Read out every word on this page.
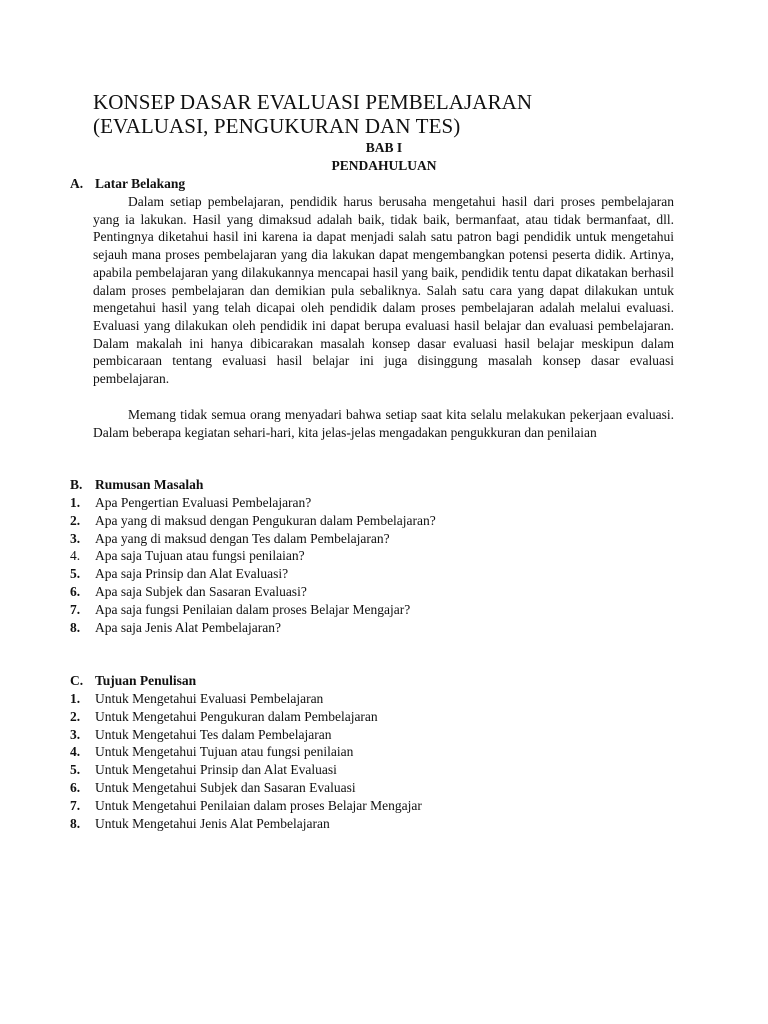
KONSEP DASAR EVALUASI PEMBELAJARAN
(EVALUASI, PENGUKURAN DAN TES)

BAB I

PENDAHULUAN

A. Latar Belakang

Dalam setiap pembelajaran, pendidik harus berusaha mengetahui hasil dari proses pembelajaran yang ia lakukan. Hasil yang dimaksud adalah baik, tidak baik, bermanfaat, atau tidak bermanfaat, dll. Pentingnya diketahui hasil ini karena ia dapat menjadi salah satu patron bagi pendidik untuk mengetahui sejauh mana proses pembelajaran yang dia lakukan dapat mengembangkan potensi peserta didik. Artinya, apabila pembelajaran yang dilakukannya mencapai hasil yang baik, pendidik tentu dapat dikatakan berhasil dalam proses pembelajaran dan demikian pula sebaliknya. Salah satu cara yang dapat dilakukan untuk mengetahui hasil yang telah dicapai oleh pendidik dalam proses pembelajaran adalah melalui evaluasi. Evaluasi yang dilakukan oleh pendidik ini dapat berupa evaluasi hasil belajar dan evaluasi pembelajaran. Dalam makalah ini hanya dibicarakan masalah konsep dasar evaluasi hasil belajar meskipun dalam pembicaraan tentang evaluasi hasil belajar ini juga disinggung masalah konsep dasar evaluasi pembelajaran.

Memang tidak semua orang menyadari bahwa setiap saat kita selalu melakukan pekerjaan evaluasi. Dalam beberapa kegiatan sehari-hari, kita jelas-jelas mengadakan pengukkuran dan penilaian

B. Rumusan Masalah

1. Apa Pengertian Evaluasi Pembelajaran?
2. Apa yang di maksud dengan Pengukuran dalam Pembelajaran?
3. Apa yang di maksud dengan Tes dalam Pembelajaran?
4. Apa saja Tujuan atau fungsi penilaian?
5. Apa saja Prinsip dan Alat Evaluasi?
6. Apa saja Subjek dan Sasaran Evaluasi?
7. Apa saja fungsi Penilaian dalam proses Belajar Mengajar?
8. Apa saja Jenis Alat Pembelajaran?

C. Tujuan Penulisan

1. Untuk Mengetahui Evaluasi Pembelajaran
2. Untuk Mengetahui Pengukuran dalam Pembelajaran
3. Untuk Mengetahui Tes dalam Pembelajaran
4. Untuk Mengetahui Tujuan atau fungsi penilaian
5. Untuk Mengetahui Prinsip dan Alat Evaluasi
6. Untuk Mengetahui Subjek dan Sasaran Evaluasi
7. Untuk Mengetahui Penilaian dalam proses Belajar Mengajar
8. Untuk Mengetahui Jenis Alat Pembelajaran
